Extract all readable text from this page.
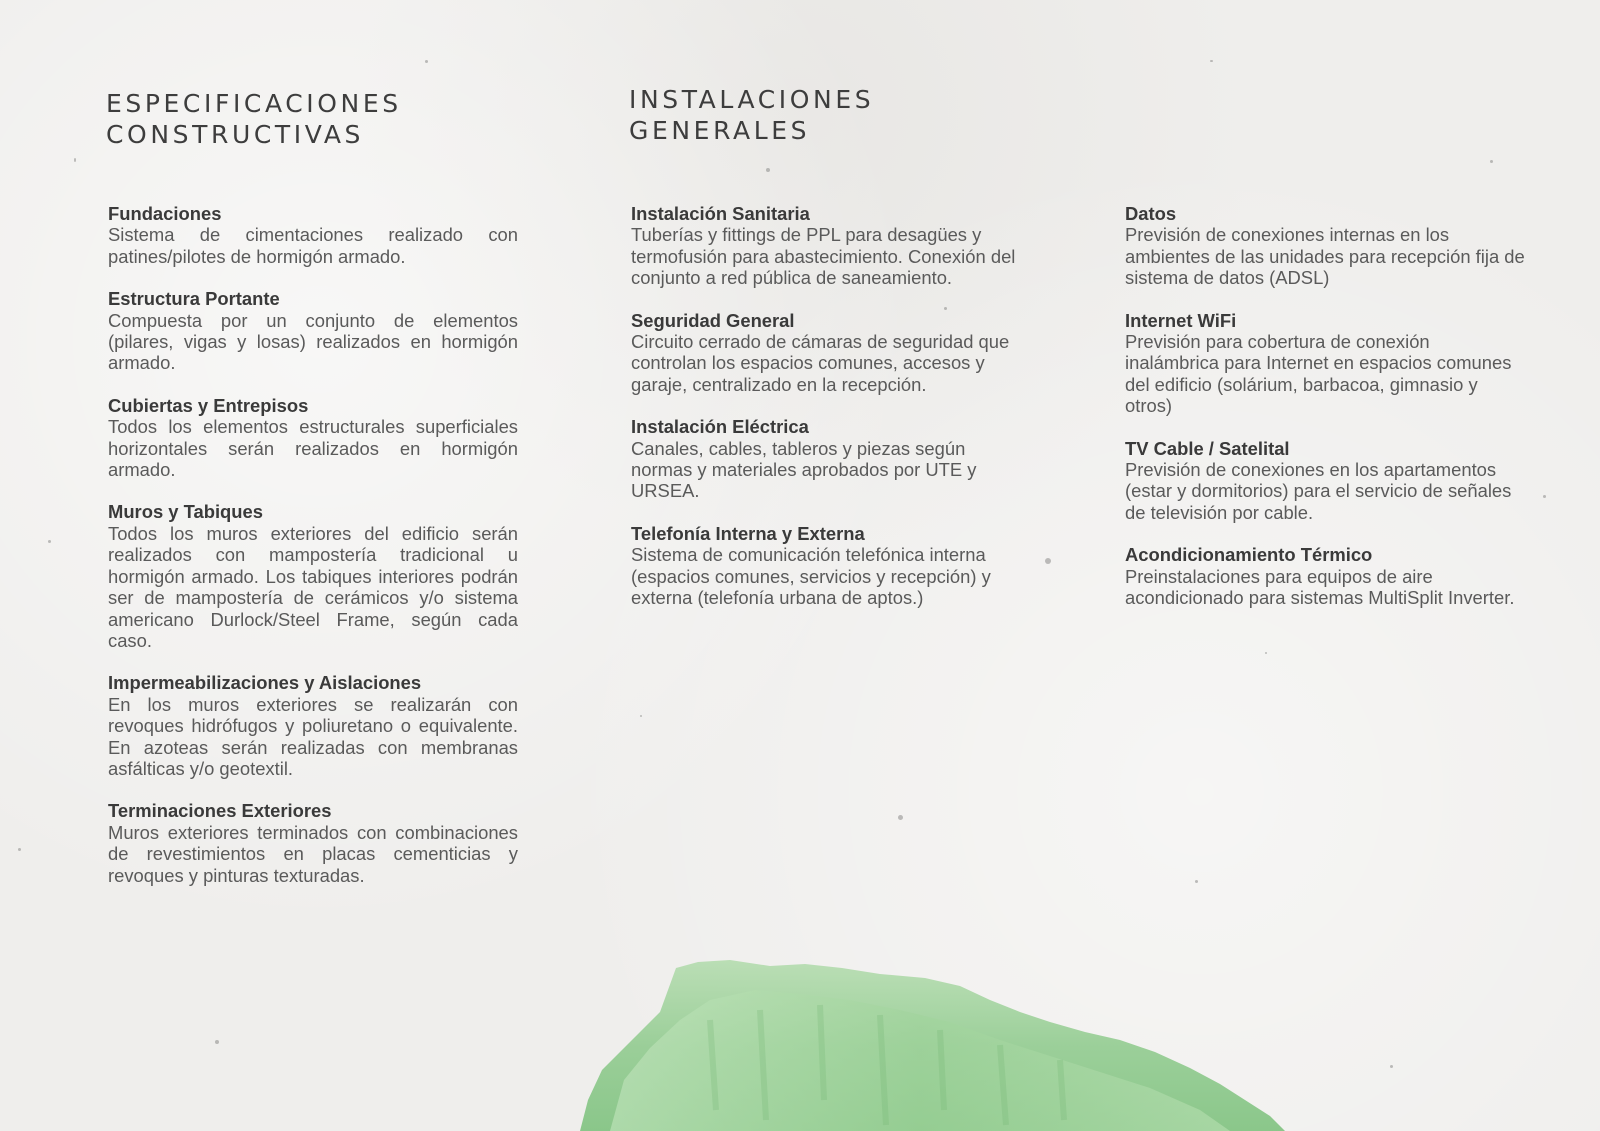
ESPECIFICACIONES
CONSTRUCTIVAS
INSTALACIONES
GENERALES
Fundaciones
Sistema de cimentaciones realizado con patines/pilotes de hormigón armado.
Estructura Portante
Compuesta por un conjunto de elementos (pilares, vigas y losas) realizados en hormigón armado.
Cubiertas y Entrepisos
Todos los elementos estructurales superficiales horizontales serán realizados en hormigón armado.
Muros y Tabiques
Todos los muros exteriores del edificio serán realizados con mampostería tradicional u hormigón armado. Los tabiques interiores podrán ser de mampostería de cerámicos y/o sistema americano Durlock/Steel Frame, según cada caso.
Impermeabilizaciones y Aislaciones
En los muros exteriores se realizarán con revoques hidrófugos y poliuretano o equivalente. En azoteas serán realizadas con membranas asfálticas y/o geotextil.
Terminaciones Exteriores
Muros exteriores terminados con combinaciones de revestimientos en placas cementicias y revoques y pinturas texturadas.
Instalación Sanitaria
Tuberías y fittings de PPL para desagües y termofusión para abastecimiento. Conexión del conjunto a red pública de saneamiento.
Seguridad General
Circuito cerrado de cámaras de seguridad que controlan los espacios comunes, accesos y garaje, centralizado en la recepción.
Instalación Eléctrica
Canales, cables, tableros y piezas según normas y materiales aprobados por UTE y URSEA.
Telefonía Interna y Externa
Sistema de comunicación telefónica interna (espacios comunes, servicios y recepción) y externa (telefonía urbana de aptos.)
Datos
Previsión de conexiones internas en los ambientes de las unidades para recepción fija de sistema de datos (ADSL)
Internet WiFi
Previsión para cobertura de conexión inalámbrica para Internet en espacios comunes del edificio (solárium, barbacoa, gimnasio y otros)
TV Cable / Satelital
Previsión de conexiones en los apartamentos (estar y dormitorios) para el servicio de señales de televisión por cable.
Acondicionamiento Térmico
Preinstalaciones para equipos de aire acondicionado para sistemas MultiSplit Inverter.
